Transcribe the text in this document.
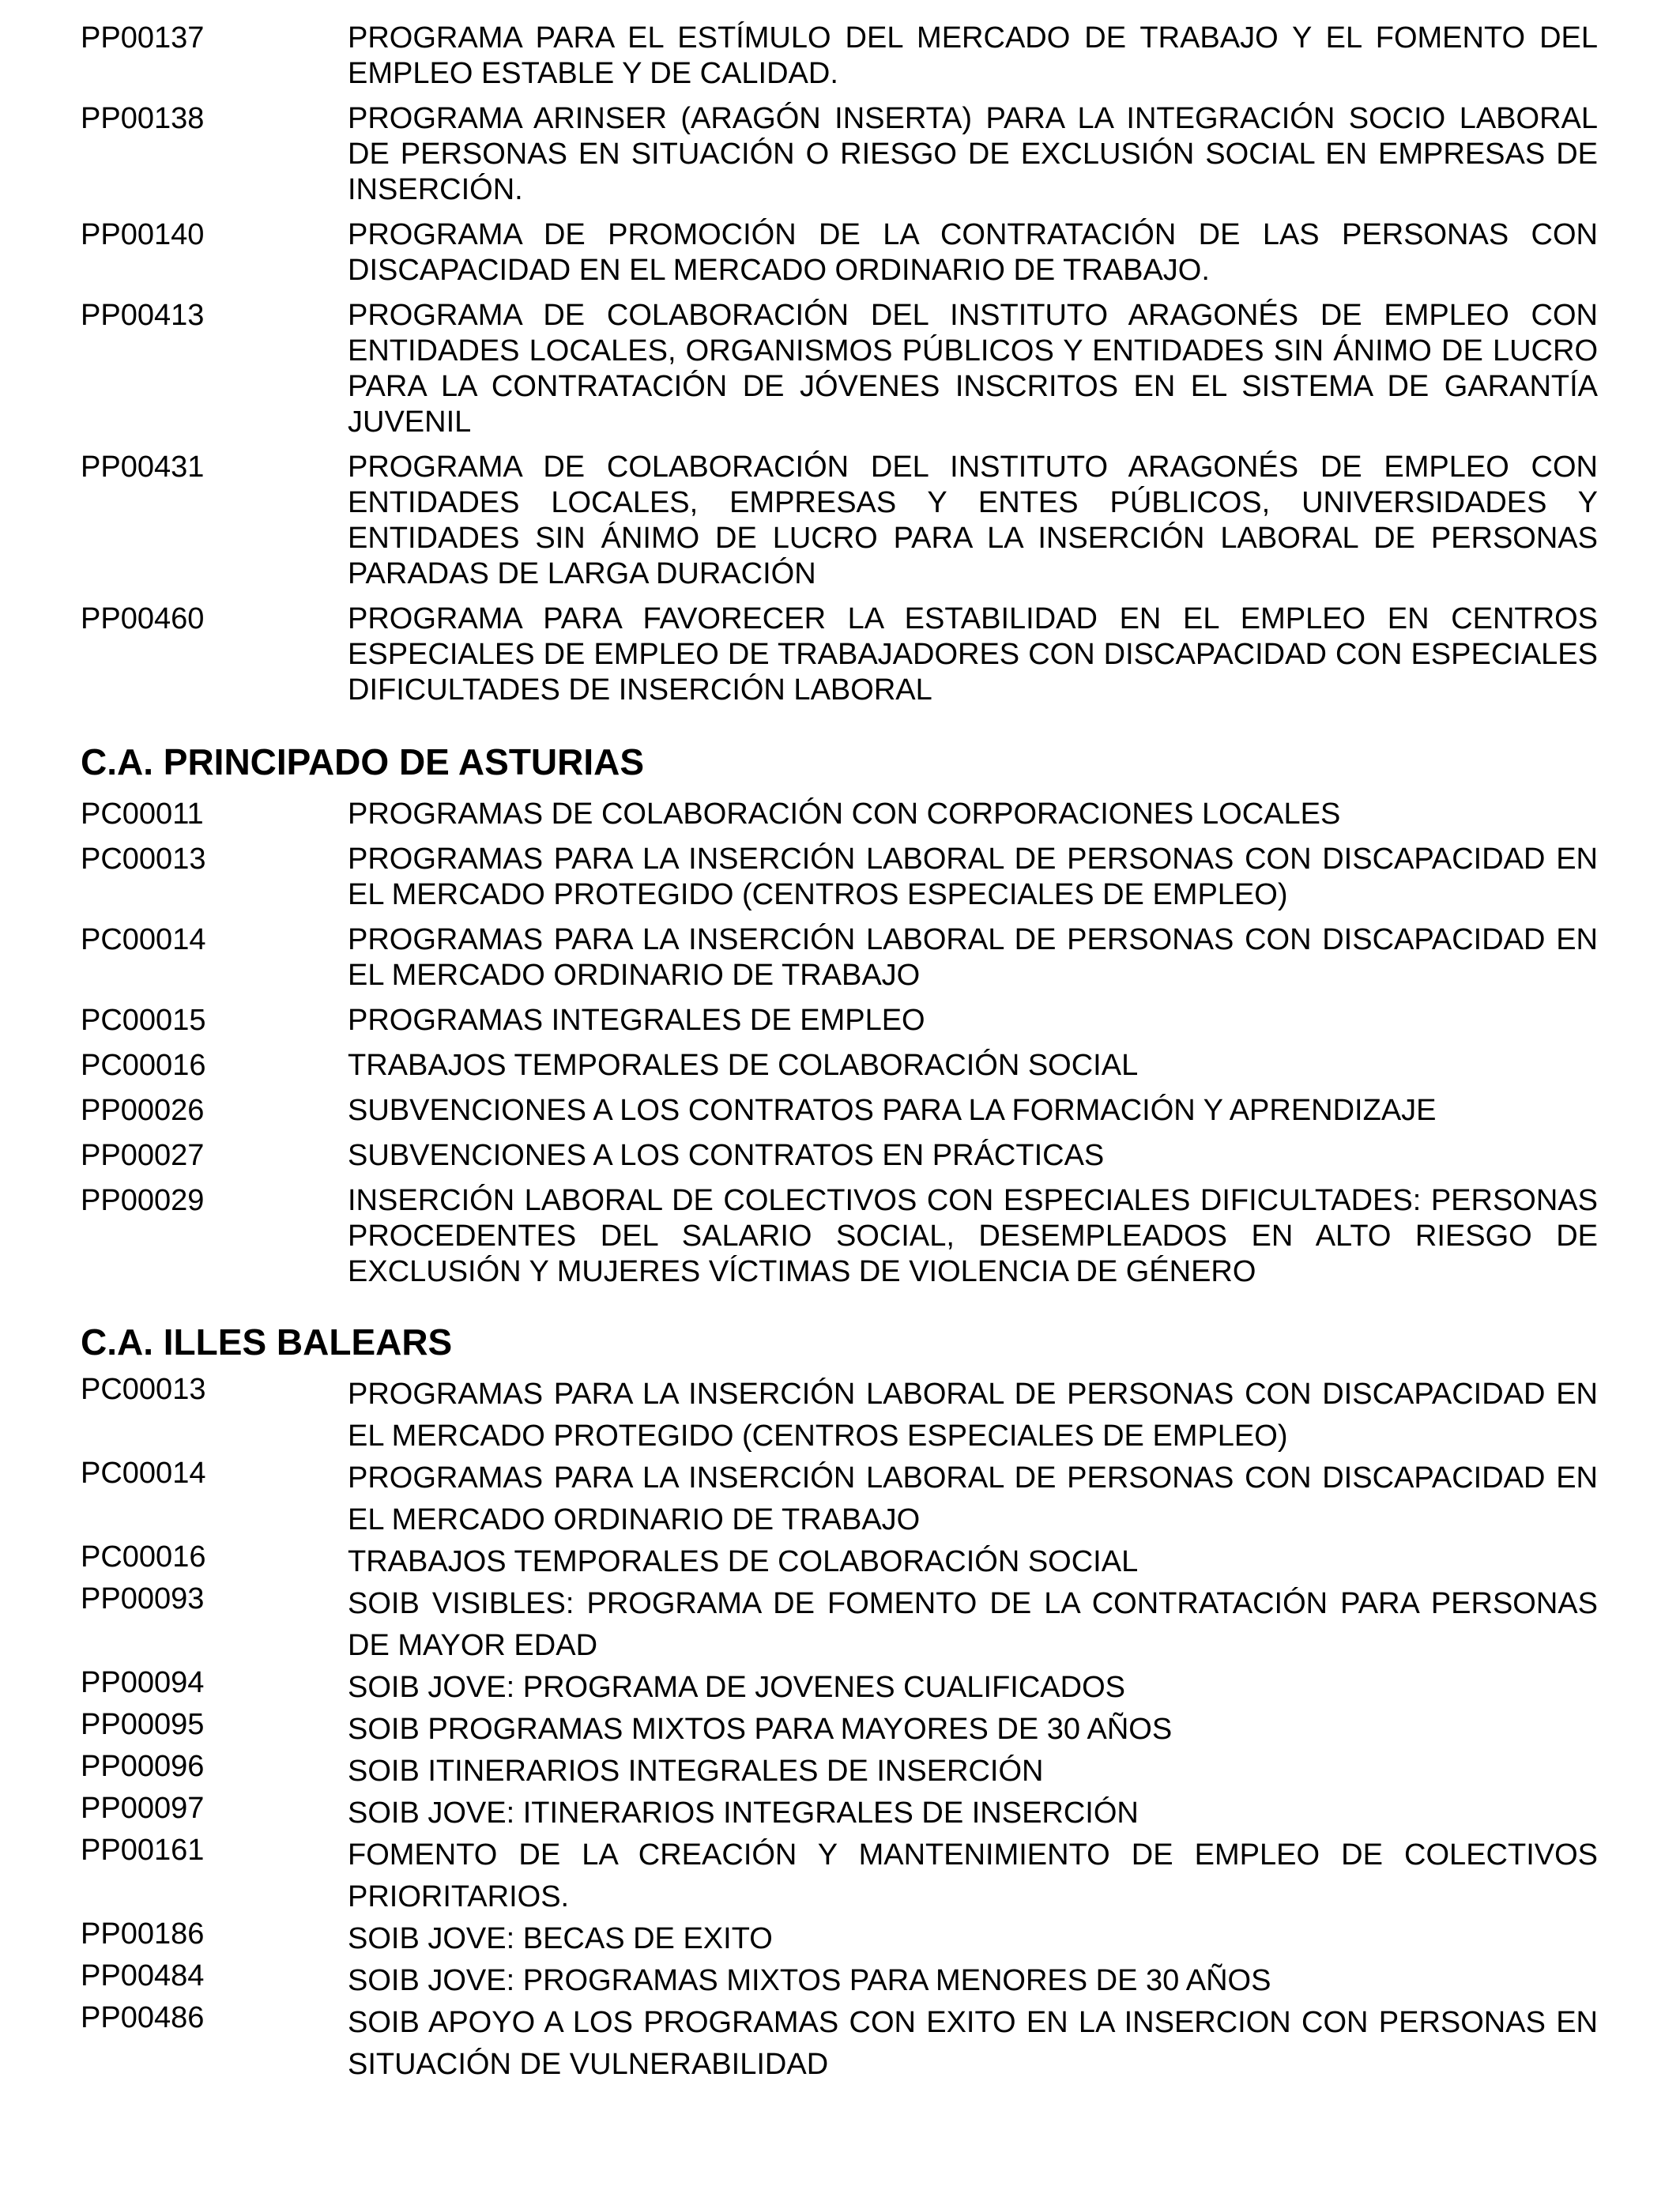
PP00137	PROGRAMA PARA EL ESTÍMULO DEL MERCADO DE TRABAJO Y EL FOMENTO DEL EMPLEO ESTABLE Y DE CALIDAD.
PP00138	PROGRAMA ARINSER (ARAGÓN INSERTA) PARA LA INTEGRACIÓN SOCIO LABORAL DE PERSONAS EN SITUACIÓN O RIESGO DE EXCLUSIÓN SOCIAL EN EMPRESAS DE INSERCIÓN.
PP00140	PROGRAMA DE PROMOCIÓN DE LA CONTRATACIÓN DE LAS PERSONAS CON DISCAPACIDAD EN EL MERCADO ORDINARIO DE TRABAJO.
PP00413	PROGRAMA DE COLABORACIÓN DEL INSTITUTO ARAGONÉS DE EMPLEO CON ENTIDADES LOCALES, ORGANISMOS PÚBLICOS Y ENTIDADES SIN ÁNIMO DE LUCRO PARA LA CONTRATACIÓN DE JÓVENES INSCRITOS EN EL SISTEMA DE GARANTÍA JUVENIL
PP00431	PROGRAMA DE COLABORACIÓN DEL INSTITUTO ARAGONÉS DE EMPLEO CON ENTIDADES LOCALES, EMPRESAS Y ENTES PÚBLICOS, UNIVERSIDADES Y ENTIDADES SIN ÁNIMO DE LUCRO PARA LA INSERCIÓN LABORAL DE PERSONAS PARADAS DE LARGA DURACIÓN
PP00460	PROGRAMA PARA FAVORECER LA ESTABILIDAD EN EL EMPLEO EN CENTROS ESPECIALES DE EMPLEO DE TRABAJADORES CON DISCAPACIDAD CON ESPECIALES DIFICULTADES DE INSERCIÓN LABORAL
C.A. PRINCIPADO DE ASTURIAS
PC00011	PROGRAMAS DE COLABORACIÓN CON CORPORACIONES LOCALES
PC00013	PROGRAMAS PARA LA INSERCIÓN LABORAL DE PERSONAS CON DISCAPACIDAD EN EL MERCADO PROTEGIDO (CENTROS ESPECIALES DE EMPLEO)
PC00014	PROGRAMAS PARA LA INSERCIÓN LABORAL DE PERSONAS CON DISCAPACIDAD EN EL MERCADO ORDINARIO DE TRABAJO
PC00015	PROGRAMAS INTEGRALES DE EMPLEO
PC00016	TRABAJOS TEMPORALES DE COLABORACIÓN SOCIAL
PP00026	SUBVENCIONES A LOS CONTRATOS PARA LA FORMACIÓN Y APRENDIZAJE
PP00027	SUBVENCIONES A LOS CONTRATOS EN PRÁCTICAS
PP00029	INSERCIÓN LABORAL DE COLECTIVOS CON ESPECIALES DIFICULTADES: PERSONAS PROCEDENTES DEL SALARIO SOCIAL, DESEMPLEADOS EN ALTO RIESGO DE EXCLUSIÓN Y MUJERES VÍCTIMAS DE VIOLENCIA DE GÉNERO
C.A. ILLES BALEARS
PC00013	PROGRAMAS PARA LA INSERCIÓN LABORAL DE PERSONAS CON DISCAPACIDAD EN EL MERCADO PROTEGIDO (CENTROS ESPECIALES DE EMPLEO)
PC00014	PROGRAMAS PARA LA INSERCIÓN LABORAL DE PERSONAS CON DISCAPACIDAD EN EL MERCADO ORDINARIO DE TRABAJO
PC00016	TRABAJOS TEMPORALES DE COLABORACIÓN SOCIAL
PP00093	SOIB VISIBLES: PROGRAMA DE FOMENTO DE LA CONTRATACIÓN PARA PERSONAS DE MAYOR EDAD
PP00094	SOIB JOVE: PROGRAMA DE JOVENES CUALIFICADOS
PP00095	SOIB PROGRAMAS MIXTOS PARA MAYORES DE 30 AÑOS
PP00096	SOIB ITINERARIOS INTEGRALES DE INSERCIÓN
PP00097	SOIB JOVE: ITINERARIOS INTEGRALES DE INSERCIÓN
PP00161	FOMENTO DE LA CREACIÓN Y MANTENIMIENTO DE EMPLEO DE COLECTIVOS PRIORITARIOS.
PP00186	SOIB JOVE: BECAS DE EXITO
PP00484	SOIB JOVE: PROGRAMAS MIXTOS PARA MENORES DE 30 AÑOS
PP00486	SOIB APOYO A LOS PROGRAMAS CON EXITO EN LA INSERCION CON PERSONAS EN SITUACIÓN DE VULNERABILIDAD
